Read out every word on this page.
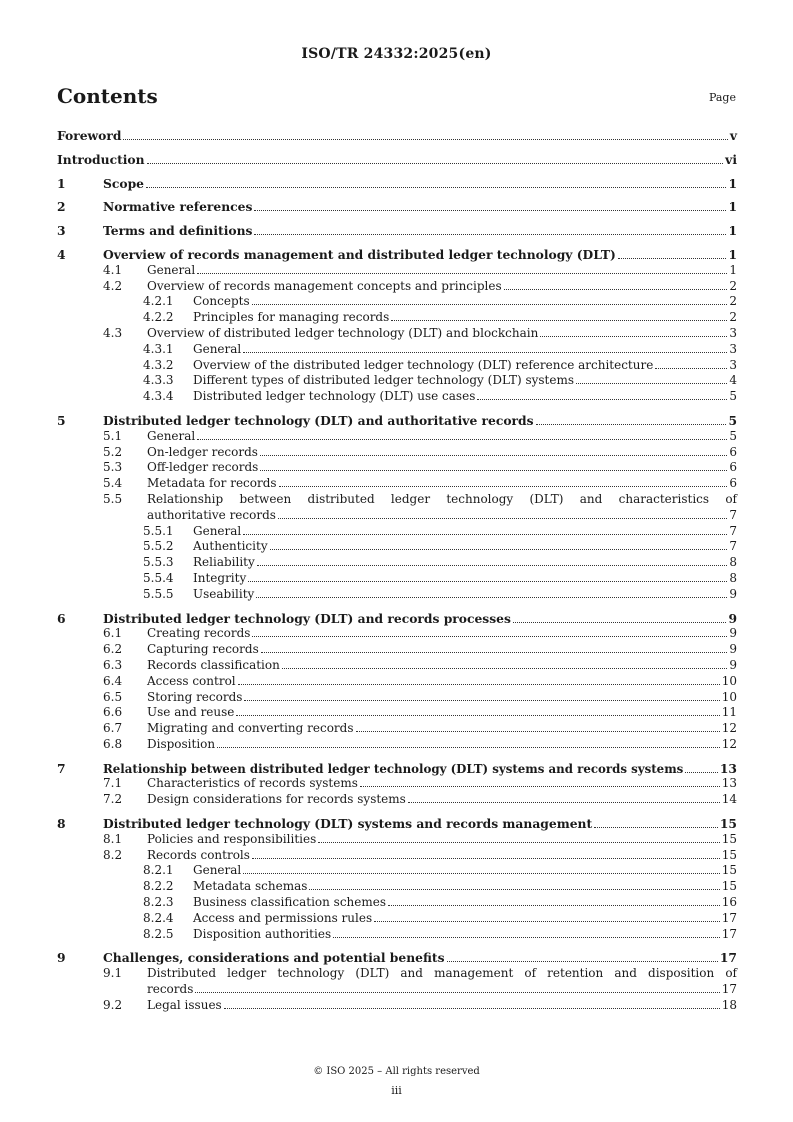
ISO/TR 24332:2025(en)
Contents	Page
Foreword	v
Introduction	vi
1	Scope	1
2	Normative references	1
3	Terms and definitions	1
4	Overview of records management and distributed ledger technology (DLT)	1
4.1	General	1
4.2	Overview of records management concepts and principles	2
4.2.1	Concepts	2
4.2.2	Principles for managing records	2
4.3	Overview of distributed ledger technology (DLT) and blockchain	3
4.3.1	General	3
4.3.2	Overview of the distributed ledger technology (DLT) reference architecture	3
4.3.3	Different types of distributed ledger technology (DLT) systems	4
4.3.4	Distributed ledger technology (DLT) use cases	5
5	Distributed ledger technology (DLT) and authoritative records	5
5.1	General	5
5.2	On-ledger records	6
5.3	Off-ledger records	6
5.4	Metadata for records	6
5.5	Relationship between distributed ledger technology (DLT) and characteristics of
authoritative records	7
5.5.1	General	7
5.5.2	Authenticity	7
5.5.3	Reliability	8
5.5.4	Integrity	8
5.5.5	Useability	9
6	Distributed ledger technology (DLT) and records processes	9
6.1	Creating records	9
6.2	Capturing records	9
6.3	Records classification	9
6.4	Access control	10
6.5	Storing records	10
6.6	Use and reuse	11
6.7	Migrating and converting records	12
6.8	Disposition	12
7	Relationship between distributed ledger technology (DLT) systems and records systems	13
7.1	Characteristics of records systems	13
7.2	Design considerations for records systems	14
8	Distributed ledger technology (DLT) systems and records management	15
8.1	Policies and responsibilities	15
8.2	Records controls	15
8.2.1	General	15
8.2.2	Metadata schemas	15
8.2.3	Business classification schemes	16
8.2.4	Access and permissions rules	17
8.2.5	Disposition authorities	17
9	Challenges, considerations and potential benefits	17
9.1	Distributed ledger technology (DLT) and management of retention and disposition of
records	17
9.2	Legal issues	18
© ISO 2025 – All rights reserved
iii
